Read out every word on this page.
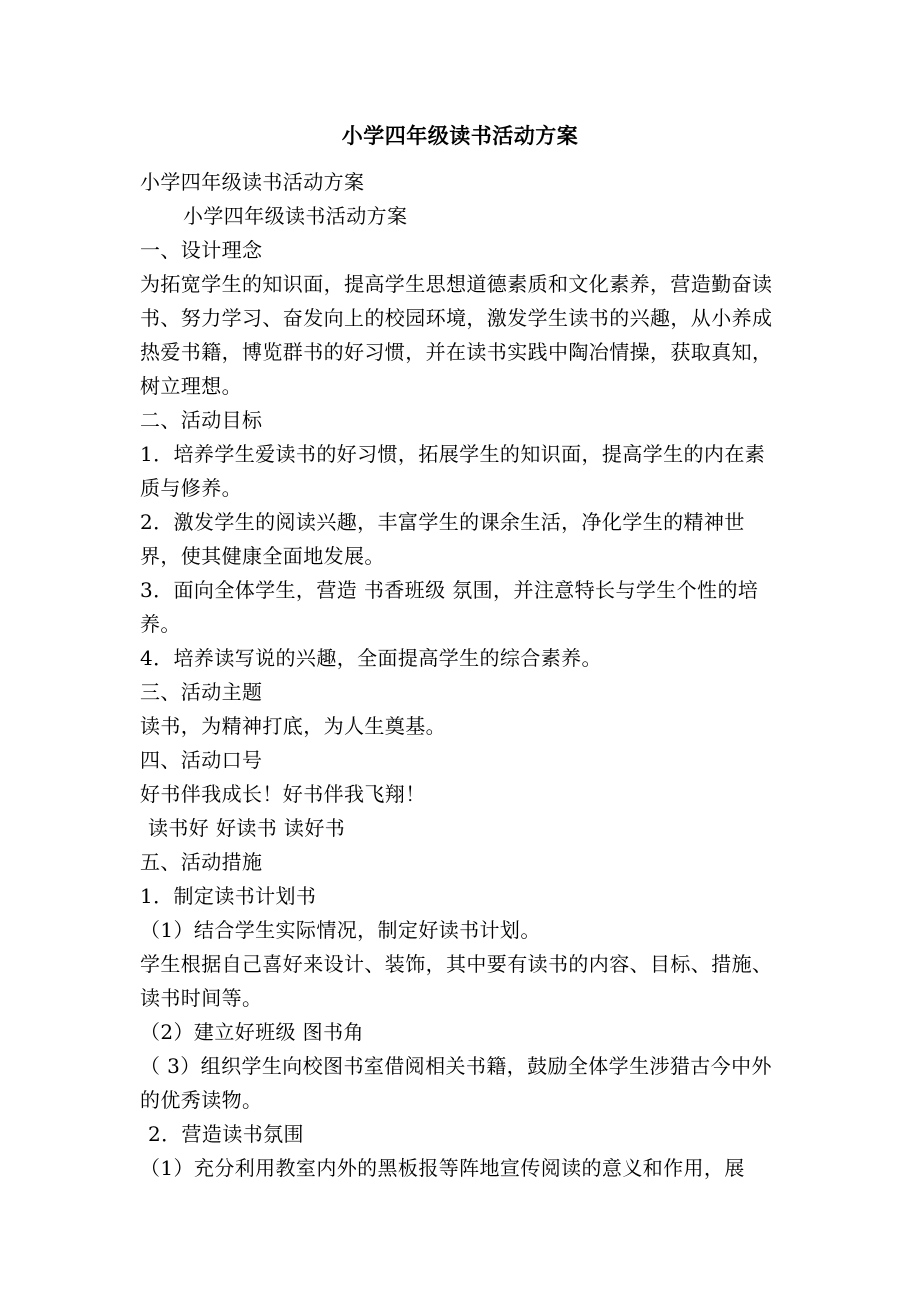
小学四年级读书活动方案

小学四年级读书活动方案

小学四年级读书活动方案

一、设计理念

为拓宽学生的知识面，提高学生思想道德素质和文化素养，营造勤奋读书、努力学习、奋发向上的校园环境，激发学生读书的兴趣，从小养成热爱书籍，博览群书的好习惯，并在读书实践中陶冶情操，获取真知，树立理想。

二、活动目标

1．培养学生爱读书的好习惯，拓展学生的知识面，提高学生的内在素质与修养。

2．激发学生的阅读兴趣，丰富学生的课余生活，净化学生的精神世界，使其健康全面地发展。

3．面向全体学生，营造 书香班级 氛围，并注意特长与学生个性的培养。

4．培养读写说的兴趣，全面提高学生的综合素养。

三、活动主题

读书，为精神打底，为人生奠基。

四、活动口号

好书伴我成长！好书伴我飞翔！

读书好 好读书 读好书

五、活动措施

1．制定读书计划书

（1）结合学生实际情况，制定好读书计划。

学生根据自己喜好来设计、装饰，其中要有读书的内容、目标、措施、读书时间等。

（2）建立好班级 图书角

（ 3）组织学生向校图书室借阅相关书籍，鼓励全体学生涉猎古今中外的优秀读物。

2．营造读书氛围

（1）充分利用教室内外的黑板报等阵地宣传阅读的意义和作用，展
